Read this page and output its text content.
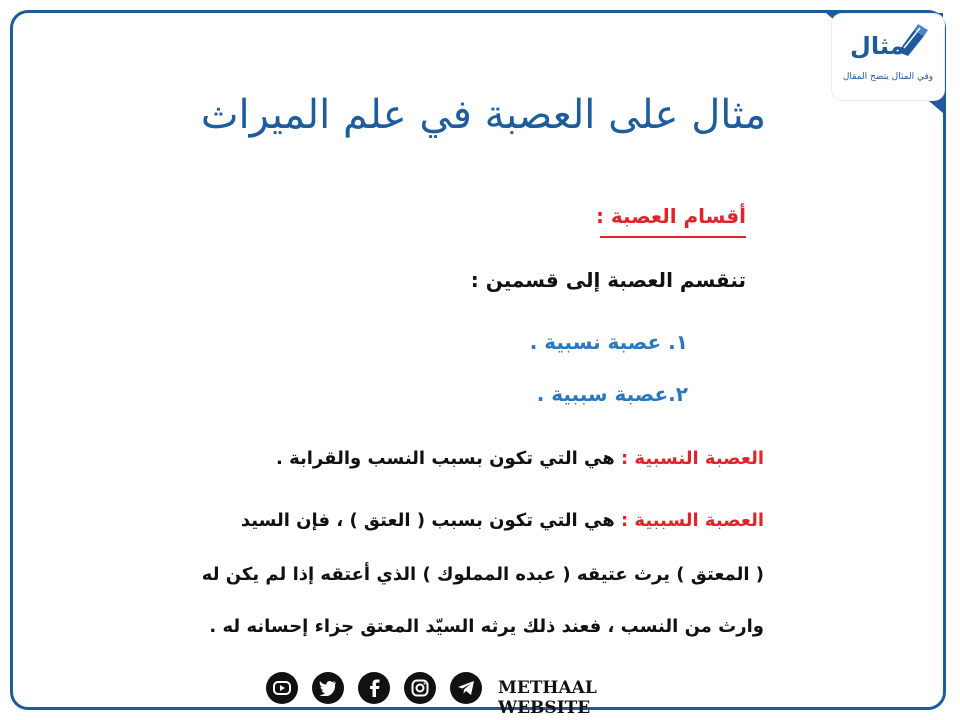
مثال
وفي المثال يتضح المقال
مثال على العصبة في علم الميراث
أقسام العصبة :
تنقسم العصبة إلى قسمين :
١. عصبة نسبية .
٢.عصبة سببية .
العصبة النسبية : هي التي تكون بسبب النسب والقرابة .
العصبة السببية : هي التي تكون بسبب ( العتق ) ، فإن السيد
( المعتق ) يرث عتيقه ( عبده المملوك ) الذي أعتقه إذا لم يكن له
وارث من النسب ، فعند ذلك يرثه السيّد المعتق جزاء إحسانه له .
METHAAL WEBSITE
